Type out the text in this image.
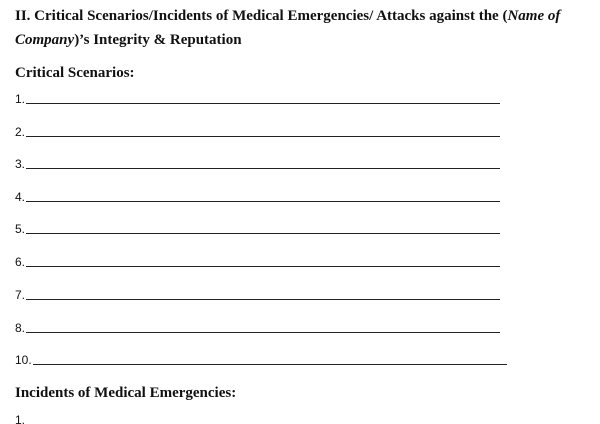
II. Critical Scenarios/Incidents of Medical Emergencies/ Attacks against the (Name of
Company)’s Integrity & Reputation
Critical Scenarios:
1.
2.
3.
4.
5.
6.
7.
8.
10.
Incidents of Medical Emergencies:
1.
